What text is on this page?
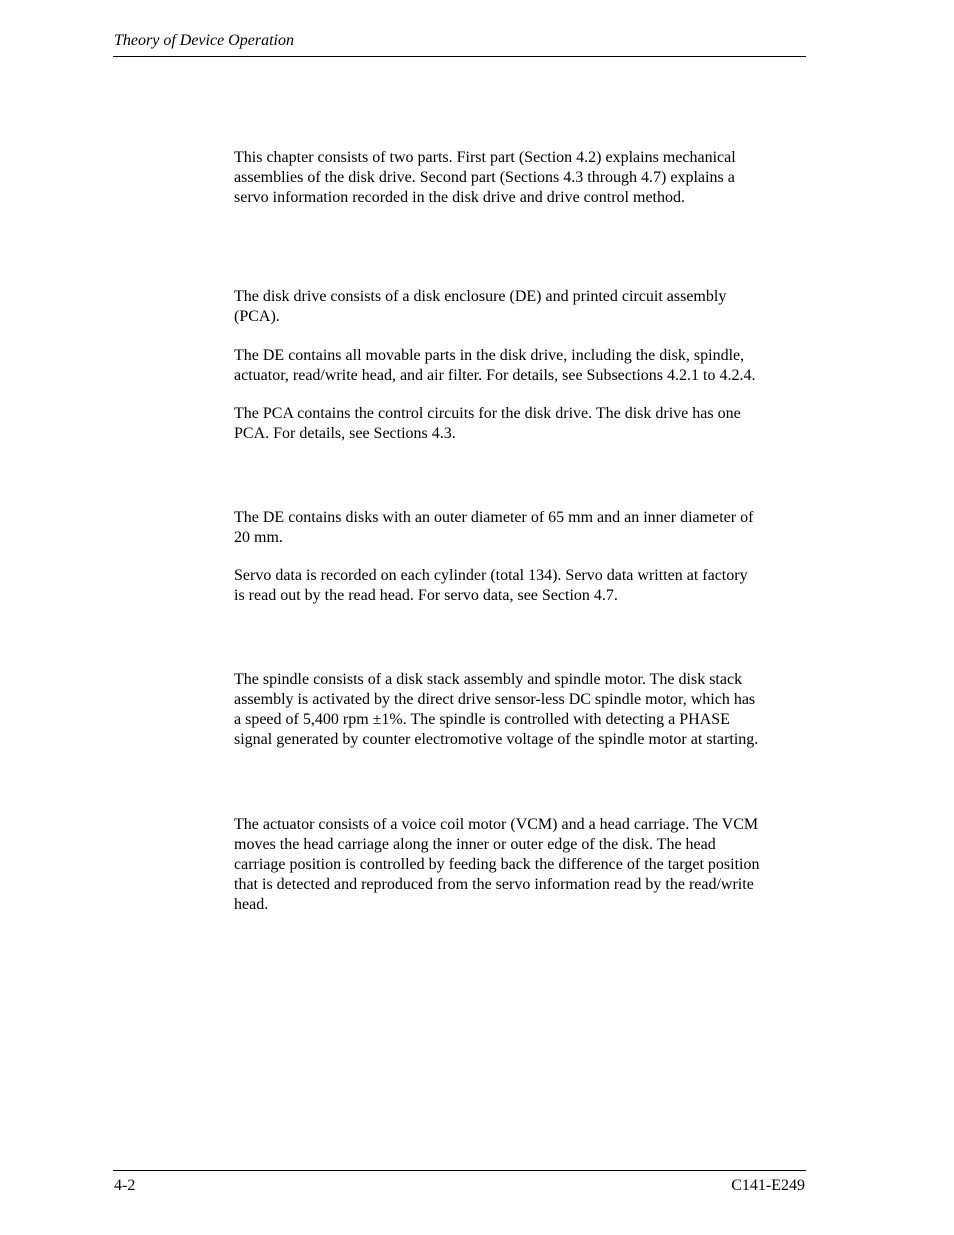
Theory of Device Operation

This chapter consists of two parts. First part (Section 4.2) explains mechanical
assemblies of the disk drive. Second part (Sections 4.3 through 4.7) explains a
servo information recorded in the disk drive and drive control method.

The disk drive consists of a disk enclosure (DE) and printed circuit assembly
(PCA).

The DE contains all movable parts in the disk drive, including the disk, spindle,
actuator, read/write head, and air filter. For details, see Subsections 4.2.1 to 4.2.4.

The PCA contains the control circuits for the disk drive. The disk drive has one
PCA. For details, see Sections 4.3.

The DE contains disks with an outer diameter of 65 mm and an inner diameter of
20 mm.

Servo data is recorded on each cylinder (total 134). Servo data written at factory
is read out by the read head. For servo data, see Section 4.7.

The spindle consists of a disk stack assembly and spindle motor. The disk stack
assembly is activated by the direct drive sensor-less DC spindle motor, which has
a speed of 5,400 rpm ±1%. The spindle is controlled with detecting a PHASE
signal generated by counter electromotive voltage of the spindle motor at starting.

The actuator consists of a voice coil motor (VCM) and a head carriage. The VCM
moves the head carriage along the inner or outer edge of the disk. The head
carriage position is controlled by feeding back the difference of the target position
that is detected and reproduced from the servo information read by the read/write
head.

4-2	C141-E249
